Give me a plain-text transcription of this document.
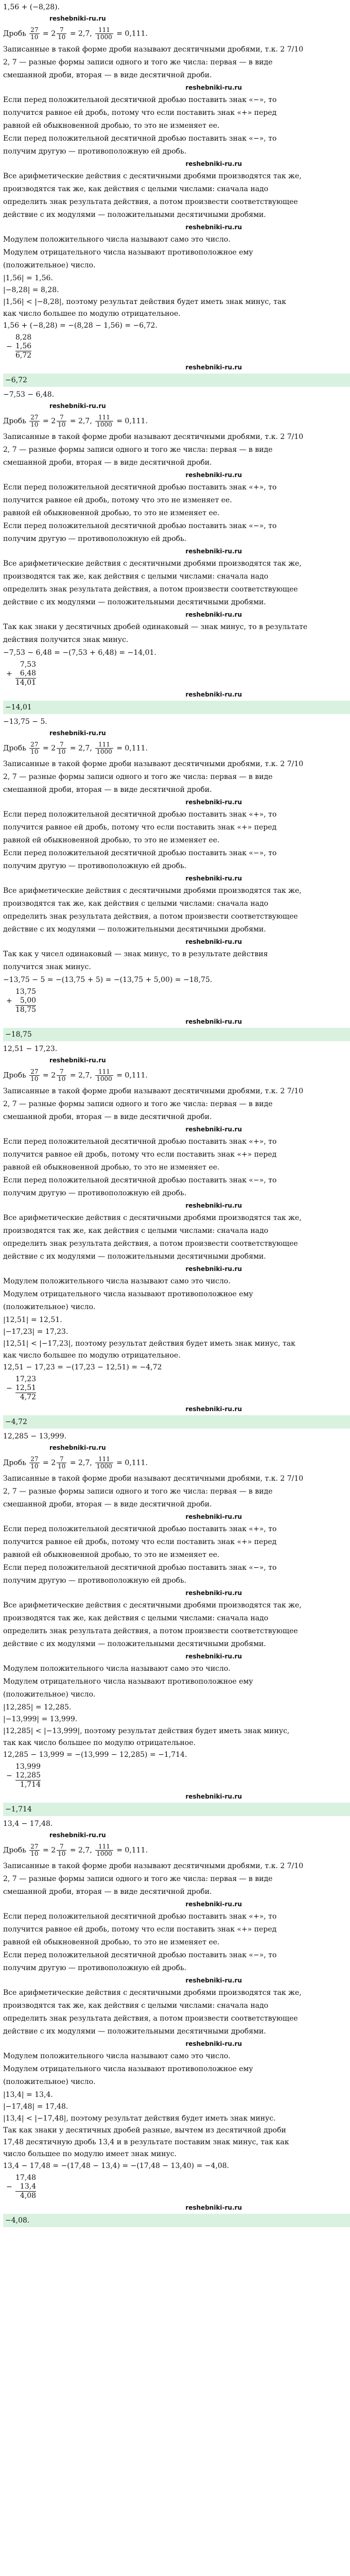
1,56 + (−8,28).

reshebniki-ru.ru

Дробь $\frac{27}{10} = 2 \frac{7}{10} = 2,7$, $\frac{111}{1000} = 0,111$.

Записанные в такой форме дроби называют десятичными дробями, т.к. 2 7/10

2, 7 — разные формы записи одного и того же числа: первая — в виде

смешанной дроби, вторая — в виде десятичной дроби.

reshebniki-ru.ru

Если перед положительной десятичной дробью поставить знак «−», то

получится равное ей дробь, потому что если поставить знак «+» перед

равной ей обыкновенной дробью, то это не изменяет ее.

Если перед положительной десятичной дробью поставить знак «−», то

получим другую — противоположную ей дробь.

reshebniki-ru.ru

Все арифметические действия с десятичными дробями производятся так же,

производятся так же, как действия с целыми числами: сначала надо

определить знак результата действия, а потом произвести соответствующее

действие с их модулями — положительными десятичными дробями.

reshebniki-ru.ru

Модулем положительного числа называют само это число.

Модулем отрицательного числа называют противоположное ему

(положительное) число.

|1,56| = 1,56.

|−8,28| = 8,28.

|1,56| < |−8,28|, поэтому результат действия будет иметь знак минус, так

как число большее по модулю отрицательное.

1,56 + (−8,28) = −(8,28 − 1,56) = −6,72.

−
8,28
1,56
6,72
reshebniki-ru.ru
−6,72

−7,53 − 6,48.

reshebniki-ru.ru

Дробь $\frac{27}{10} = 2 \frac{7}{10} = 2,7$, $\frac{111}{1000} = 0,111$.

Записанные в такой форме дроби называют десятичными дробями, т.к. 2 7/10

2, 7 — разные формы записи одного и того же числа: первая — в виде

смешанной дроби, вторая — в виде десятичной дроби.

reshebniki-ru.ru

Если перед положительной десятичной дробью поставить знак «+», то

получится равное ей дробь, потому что это не изменяет ее.

равной ей обыкновенной дробью, то это не изменяет ее.

Если перед положительной десятичной дробью поставить знак «−», то

получим другую — противоположную ей дробь.

reshebniki-ru.ru

Все арифметические действия с десятичными дробями производятся так же,

производятся так же, как действия с целыми числами: сначала надо

определить знак результата действия, а потом произвести соответствующее

действие с их модулями — положительными десятичными дробями.

reshebniki-ru.ru

Так как знаки у десятичных дробей одинаковый — знак минус, то в результате

действия получится знак минус.

−7,53 − 6,48 = −(7,53 + 6,48) = −14,01.

+
7,53
6,48
14,01
reshebniki-ru.ru
−14,01

−13,75 − 5.

reshebniki-ru.ru

Дробь $\frac{27}{10} = 2 \frac{7}{10} = 2,7$, $\frac{111}{1000} = 0,111$.

Записанные в такой форме дроби называют десятичными дробями, т.к. 2 7/10

2, 7 — разные формы записи одного и того же числа: первая — в виде

смешанной дроби, вторая — в виде десятичной дроби.

reshebniki-ru.ru

Если перед положительной десятичной дробью поставить знак «+», то

получится равное ей дробь, потому что если поставить знак «+» перед

равной ей обыкновенной дробью, то это не изменяет ее.

Если перед положительной десятичной дробью поставить знак «−», то

получим другую — противоположную ей дробь.

reshebniki-ru.ru

Все арифметические действия с десятичными дробями производятся так же,

производятся так же, как действия с целыми числами: сначала надо

определить знак результата действия, а потом произвести соответствующее

действие с их модулями — положительными десятичными дробями.

reshebniki-ru.ru

Так как у чисел одинаковый — знак минус, то в результате действия

получится знак минус.

−13,75 − 5 = −(13,75 + 5) = −(13,75 + 5,00) = −18,75.

+
13,75
5,00
18,75
reshebniki-ru.ru
−18,75

12,51 − 17,23.

reshebniki-ru.ru

Дробь $\frac{27}{10} = 2 \frac{7}{10} = 2,7$, $\frac{111}{1000} = 0,111$.

Записанные в такой форме дроби называют десятичными дробями, т.к. 2 7/10

2, 7 — разные формы записи одного и того же числа: первая — в виде

смешанной дроби, вторая — в виде десятичной дроби.

reshebniki-ru.ru

Если перед положительной десятичной дробью поставить знак «+», то

получится равное ей дробь, потому что если поставить знак «+» перед

равной ей обыкновенной дробью, то это не изменяет ее.

Если перед положительной десятичной дробью поставить знак «−», то

получим другую — противоположную ей дробь.

reshebniki-ru.ru

Все арифметические действия с десятичными дробями производятся так же,

производятся так же, как действия с целыми числами: сначала надо

определить знак результата действия, а потом произвести соответствующее

действие с их модулями — положительными десятичными дробями.

reshebniki-ru.ru

Модулем положительного числа называют само это число.

Модулем отрицательного числа называют противоположное ему

(положительное) число.

|12,51| = 12,51.

|−17,23| = 17,23.

|12,51| < |−17,23|, поэтому результат действия будет иметь знак минус, так

как число большее по модулю отрицательное.

12,51 − 17,23 = −(17,23 − 12,51) = −4,72

−
17,23
12,51
4,72
reshebniki-ru.ru
−4,72

12,285 − 13,999.

reshebniki-ru.ru

Дробь $\frac{27}{10} = 2 \frac{7}{10} = 2,7$, $\frac{111}{1000} = 0,111$.

Записанные в такой форме дроби называют десятичными дробями, т.к. 2 7/10

2, 7 — разные формы записи одного и того же числа: первая — в виде

смешанной дроби, вторая — в виде десятичной дроби.

reshebniki-ru.ru

Если перед положительной десятичной дробью поставить знак «+», то

получится равное ей дробь, потому что если поставить знак «+» перед

равной ей обыкновенной дробью, то это не изменяет ее.

Если перед положительной десятичной дробью поставить знак «−», то

получим другую — противоположную ей дробь.

reshebniki-ru.ru

Все арифметические действия с десятичными дробями производятся так же,

производятся так же, как действия с целыми числами: сначала надо

определить знак результата действия, а потом произвести соответствующее

действие с их модулями — положительными десятичными дробями.

reshebniki-ru.ru

Модулем положительного числа называют само это число.

Модулем отрицательного числа называют противоположное ему

(положительное) число.

|12,285| = 12,285.

|−13,999| = 13,999.

|12,285| < |−13,999|, поэтому результат действия будет иметь знак минус,

так как число большее по модулю отрицательное.

12,285 − 13,999 = −(13,999 − 12,285) = −1,714.

−
13,999
12,285
1,714
reshebniki-ru.ru
−1,714

13,4 − 17,48.

reshebniki-ru.ru

Дробь $\frac{27}{10} = 2 \frac{7}{10} = 2,7$, $\frac{111}{1000} = 0,111$.

Записанные в такой форме дроби называют десятичными дробями, т.к. 2 7/10

2, 7 — разные формы записи одного и того же числа: первая — в виде

смешанной дроби, вторая — в виде десятичной дроби.

reshebniki-ru.ru

Если перед положительной десятичной дробью поставить знак «+», то

получится равное ей дробь, потому что если поставить знак «+» перед

равной ей обыкновенной дробью, то это не изменяет ее.

Если перед положительной десятичной дробью поставить знак «−», то

получим другую — противоположную ей дробь.

reshebniki-ru.ru

Все арифметические действия с десятичными дробями производятся так же,

производятся так же, как действия с целыми числами: сначала надо

определить знак результата действия, а потом произвести соответствующее

действие с их модулями — положительными десятичными дробями.

reshebniki-ru.ru

Модулем положительного числа называют само это число.

Модулем отрицательного числа называют противоположное ему

(положительное) число.

|13,4| = 13,4.

|−17,48| = 17,48.

|13,4| < |−17,48|, поэтому результат действия будет иметь знак минус.

Так как знаки у десятичных дробей разные, вычтем из десятичной дроби

17,48 десятичную дробь 13,4 и в результате поставим знак минус, так как

число большее по модулю имеет знак минус.

13,4 − 17,48 = −(17,48 − 13,4) = −(17,48 − 13,40) = −4,08.

−
17,48
13,4
4,08
reshebniki-ru.ru
−4,08.
